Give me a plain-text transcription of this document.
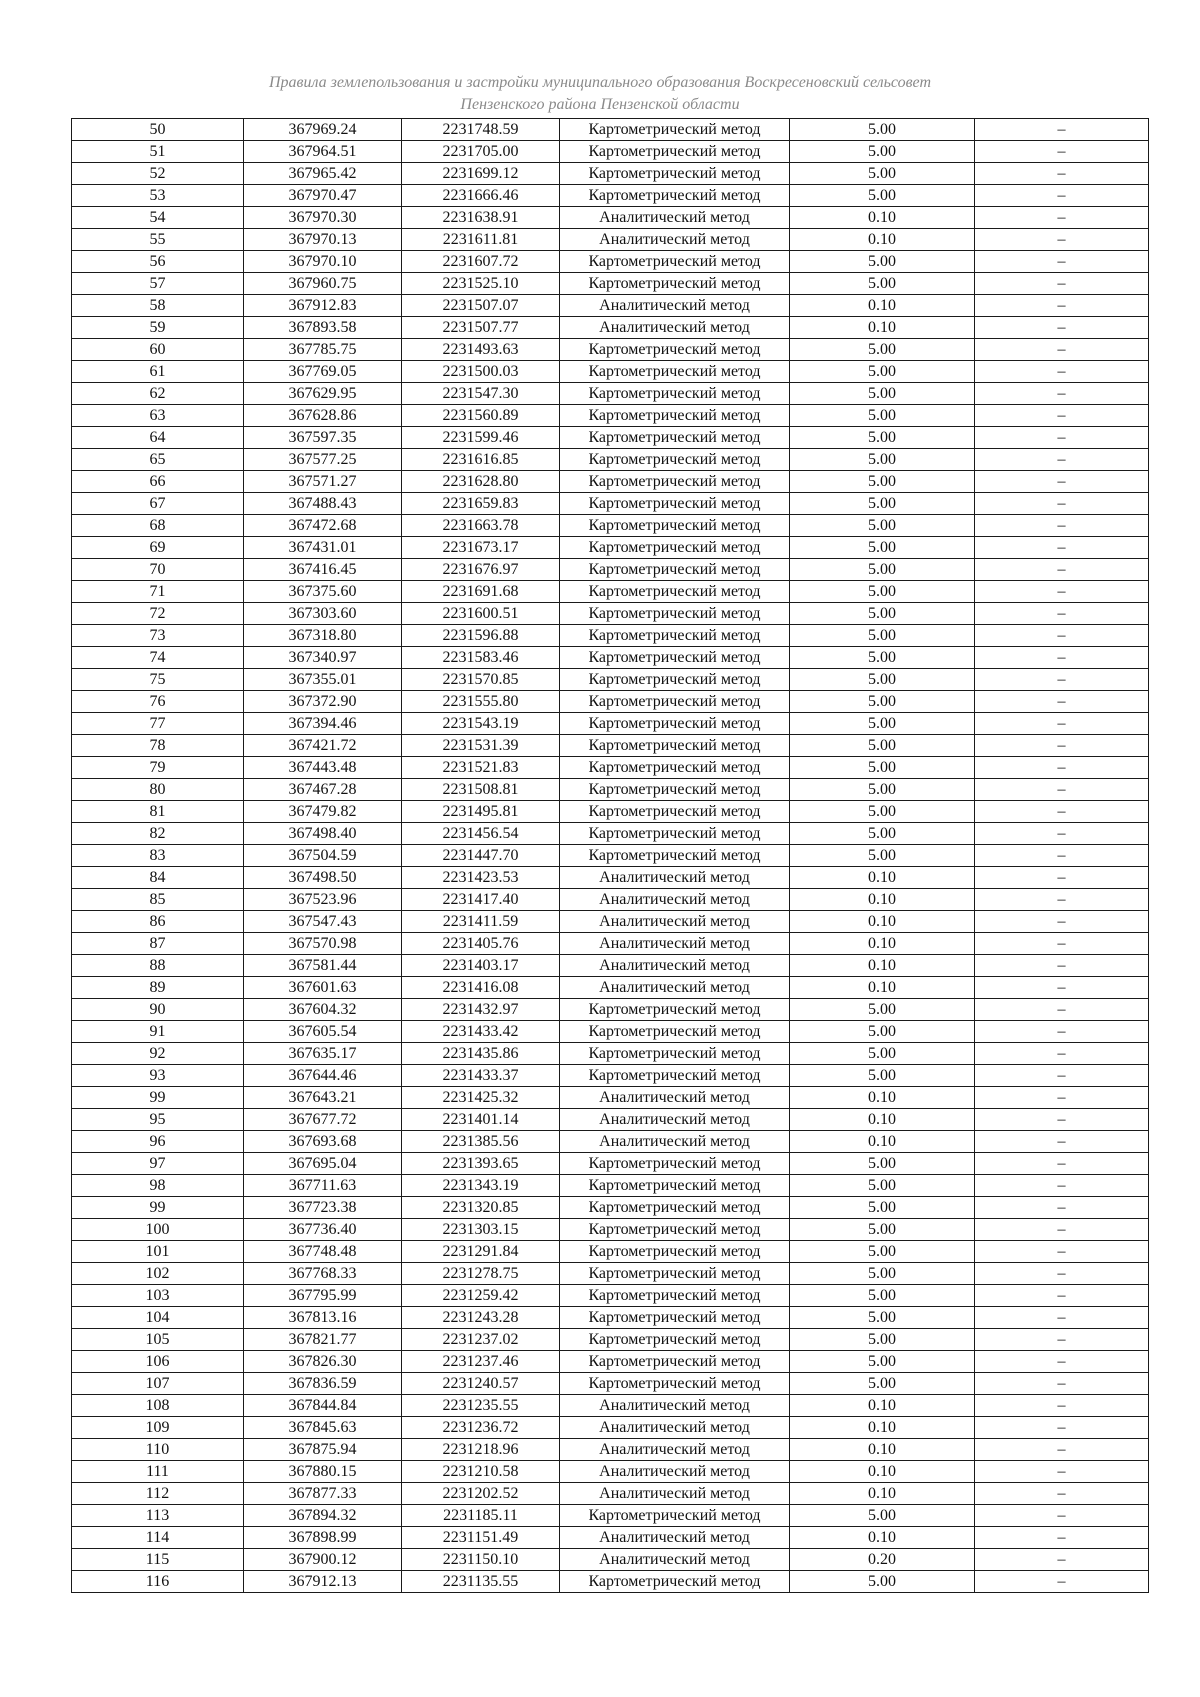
Правила землепользования и застройки муниципального образования Воскресеновский сельсовет
Пензенского района Пензенской области
50	367969.24	2231748.59	Картометрический метод	5.00	–
51	367964.51	2231705.00	Картометрический метод	5.00	–
52	367965.42	2231699.12	Картометрический метод	5.00	–
53	367970.47	2231666.46	Картометрический метод	5.00	–
54	367970.30	2231638.91	Аналитический метод	0.10	–
55	367970.13	2231611.81	Аналитический метод	0.10	–
56	367970.10	2231607.72	Картометрический метод	5.00	–
57	367960.75	2231525.10	Картометрический метод	5.00	–
58	367912.83	2231507.07	Аналитический метод	0.10	–
59	367893.58	2231507.77	Аналитический метод	0.10	–
60	367785.75	2231493.63	Картометрический метод	5.00	–
61	367769.05	2231500.03	Картометрический метод	5.00	–
62	367629.95	2231547.30	Картометрический метод	5.00	–
63	367628.86	2231560.89	Картометрический метод	5.00	–
64	367597.35	2231599.46	Картометрический метод	5.00	–
65	367577.25	2231616.85	Картометрический метод	5.00	–
66	367571.27	2231628.80	Картометрический метод	5.00	–
67	367488.43	2231659.83	Картометрический метод	5.00	–
68	367472.68	2231663.78	Картометрический метод	5.00	–
69	367431.01	2231673.17	Картометрический метод	5.00	–
70	367416.45	2231676.97	Картометрический метод	5.00	–
71	367375.60	2231691.68	Картометрический метод	5.00	–
72	367303.60	2231600.51	Картометрический метод	5.00	–
73	367318.80	2231596.88	Картометрический метод	5.00	–
74	367340.97	2231583.46	Картометрический метод	5.00	–
75	367355.01	2231570.85	Картометрический метод	5.00	–
76	367372.90	2231555.80	Картометрический метод	5.00	–
77	367394.46	2231543.19	Картометрический метод	5.00	–
78	367421.72	2231531.39	Картометрический метод	5.00	–
79	367443.48	2231521.83	Картометрический метод	5.00	–
80	367467.28	2231508.81	Картометрический метод	5.00	–
81	367479.82	2231495.81	Картометрический метод	5.00	–
82	367498.40	2231456.54	Картометрический метод	5.00	–
83	367504.59	2231447.70	Картометрический метод	5.00	–
84	367498.50	2231423.53	Аналитический метод	0.10	–
85	367523.96	2231417.40	Аналитический метод	0.10	–
86	367547.43	2231411.59	Аналитический метод	0.10	–
87	367570.98	2231405.76	Аналитический метод	0.10	–
88	367581.44	2231403.17	Аналитический метод	0.10	–
89	367601.63	2231416.08	Аналитический метод	0.10	–
90	367604.32	2231432.97	Картометрический метод	5.00	–
91	367605.54	2231433.42	Картометрический метод	5.00	–
92	367635.17	2231435.86	Картометрический метод	5.00	–
93	367644.46	2231433.37	Картометрический метод	5.00	–
99	367643.21	2231425.32	Аналитический метод	0.10	–
95	367677.72	2231401.14	Аналитический метод	0.10	–
96	367693.68	2231385.56	Аналитический метод	0.10	–
97	367695.04	2231393.65	Картометрический метод	5.00	–
98	367711.63	2231343.19	Картометрический метод	5.00	–
99	367723.38	2231320.85	Картометрический метод	5.00	–
100	367736.40	2231303.15	Картометрический метод	5.00	–
101	367748.48	2231291.84	Картометрический метод	5.00	–
102	367768.33	2231278.75	Картометрический метод	5.00	–
103	367795.99	2231259.42	Картометрический метод	5.00	–
104	367813.16	2231243.28	Картометрический метод	5.00	–
105	367821.77	2231237.02	Картометрический метод	5.00	–
106	367826.30	2231237.46	Картометрический метод	5.00	–
107	367836.59	2231240.57	Картометрический метод	5.00	–
108	367844.84	2231235.55	Аналитический метод	0.10	–
109	367845.63	2231236.72	Аналитический метод	0.10	–
110	367875.94	2231218.96	Аналитический метод	0.10	–
111	367880.15	2231210.58	Аналитический метод	0.10	–
112	367877.33	2231202.52	Аналитический метод	0.10	–
113	367894.32	2231185.11	Картометрический метод	5.00	–
114	367898.99	2231151.49	Аналитический метод	0.10	–
115	367900.12	2231150.10	Аналитический метод	0.20	–
116	367912.13	2231135.55	Картометрический метод	5.00	–
